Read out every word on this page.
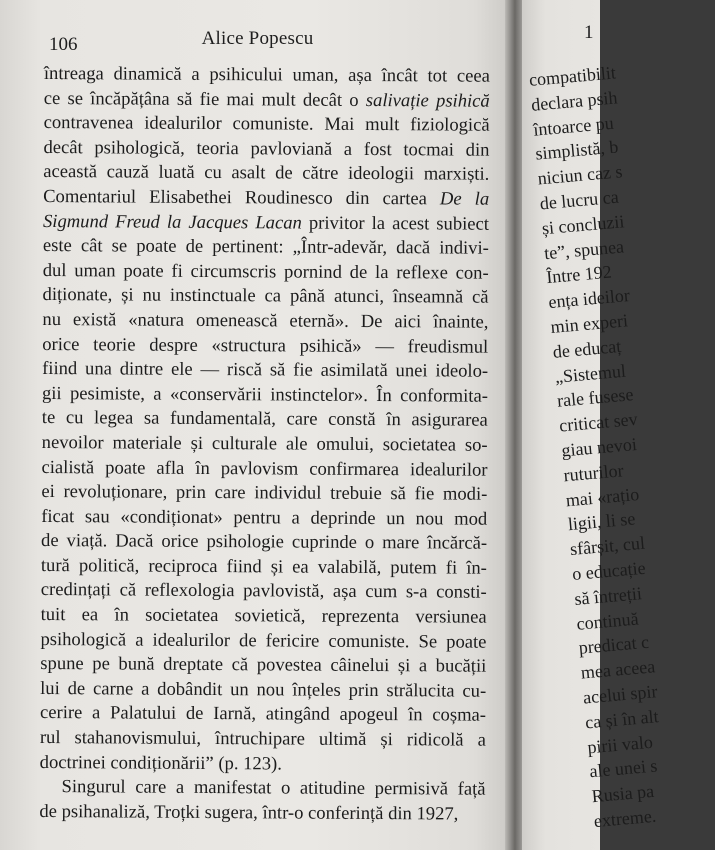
106	Alice Popescu
întreaga dinamică a psihicului uman, așa încât tot ceea
ce se încăpățâna să fie mai mult decât o salivație psihică
contravenea idealurilor comuniste. Mai mult fiziologică
decât psihologică, teoria pavloviană a fost tocmai din
această cauză luată cu asalt de către ideologii marxiști.
Comentariul Elisabethei Roudinesco din cartea De la
Sigmund Freud la Jacques Lacan privitor la acest subiect
este cât se poate de pertinent: „Într-adevăr, dacă indivi-
dul uman poate fi circumscris pornind de la reflexe con-
diționate, și nu instinctuale ca până atunci, înseamnă că
nu există «natura omenească eternă». De aici înainte,
orice teorie despre «structura psihică» — freudismul
fiind una dintre ele — riscă să fie asimilată unei ideolo-
gii pesimiste, a «conservării instinctelor». În conformita-
te cu legea sa fundamentală, care constă în asigurarea
nevoilor materiale și culturale ale omului, societatea so-
cialistă poate afla în pavlovism confirmarea idealurilor
ei revoluționare, prin care individul trebuie să fie modi-
ficat sau «condiționat» pentru a deprinde un nou mod
de viață. Dacă orice psihologie cuprinde o mare încărcă-
tură politică, reciproca fiind și ea valabilă, putem fi în-
credințați că reflexologia pavlovistă, așa cum s-a consti-
tuit ea în societatea sovietică, reprezenta versiunea
psihologică a idealurilor de fericire comuniste. Se poate
spune pe bună dreptate că povestea câinelui și a bucății
lui de carne a dobândit un nou înțeles prin strălucita cu-
cerire a Palatului de Iarnă, atingând apogeul în coșma-
rul stahanovismului, întruchipare ultimă și ridicolă a
doctrinei condiționării” (p. 123).
Singurul care a manifestat o atitudine permisivă față
de psihanaliză, Troțki sugera, într-o conferință din 1927,
1
compatibilit
declara psih
întoarce pu
simplistă, b
niciun caz s
de lucru ca
și concluzii
te”, spunea
Între 192
ența ideilor
min experi
de educaț
„Sistemul
rale fusese
criticat sev
giau nevoi
ruturilor
mai «rațio
ligii, li se
sfârșit, cul
o educație
să întreții
continuă
predicat c
mea aceea
acelui spir
ca și în alt
pirii valo
ale unei s
Rusia pa
extreme.
